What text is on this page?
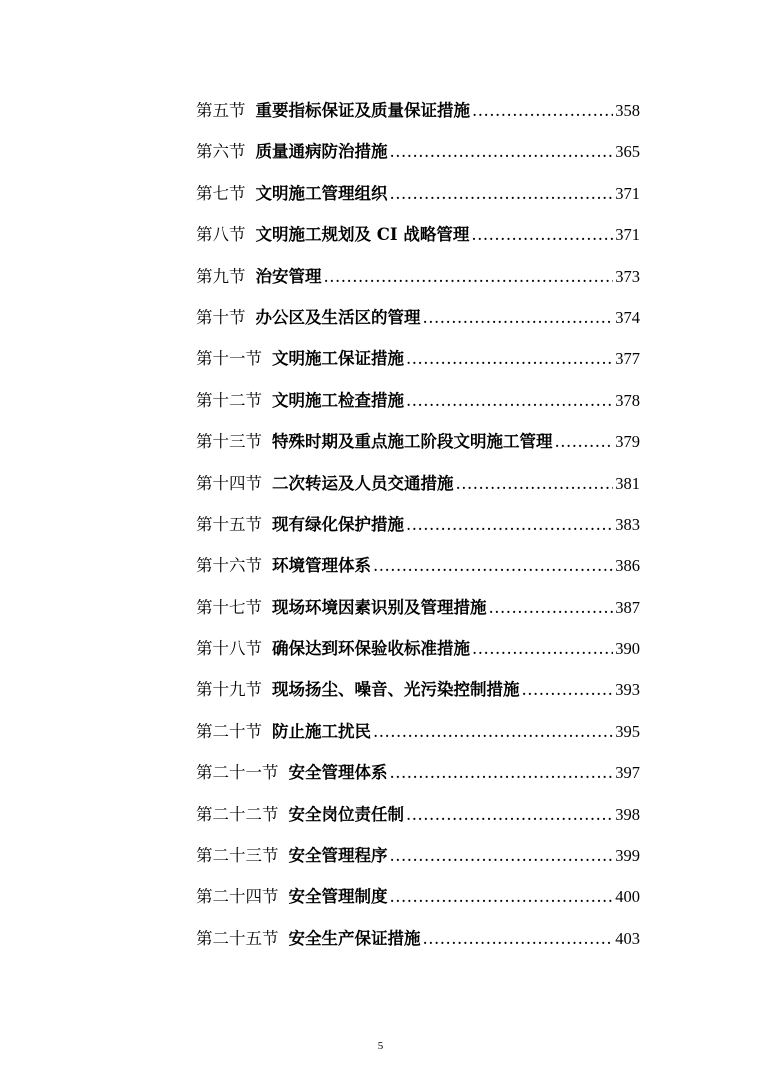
第五节 重要指标保证及质量保证措施 .....	358
第六节 质量通病防治措施 .....	365
第七节 文明施工管理组织 .....	371
第八节 文明施工规划及 CI 战略管理 .....	371
第九节 治安管理 .....	373
第十节 办公区及生活区的管理 .....	374
第十一节 文明施工保证措施 .....	377
第十二节 文明施工检查措施 .....	378
第十三节 特殊时期及重点施工阶段文明施工管理 .....	379
第十四节 二次转运及人员交通措施 .....	381
第十五节 现有绿化保护措施 .....	383
第十六节 环境管理体系 .....	386
第十七节 现场环境因素识别及管理措施 .....	387
第十八节 确保达到环保验收标准措施 .....	390
第十九节 现场扬尘、噪音、光污染控制措施 .....	393
第二十节 防止施工扰民 .....	395
第二十一节 安全管理体系 .....	397
第二十二节 安全岗位责任制 .....	398
第二十三节 安全管理程序 .....	399
第二十四节 安全管理制度 .....	400
第二十五节 安全生产保证措施 .....	403
5
